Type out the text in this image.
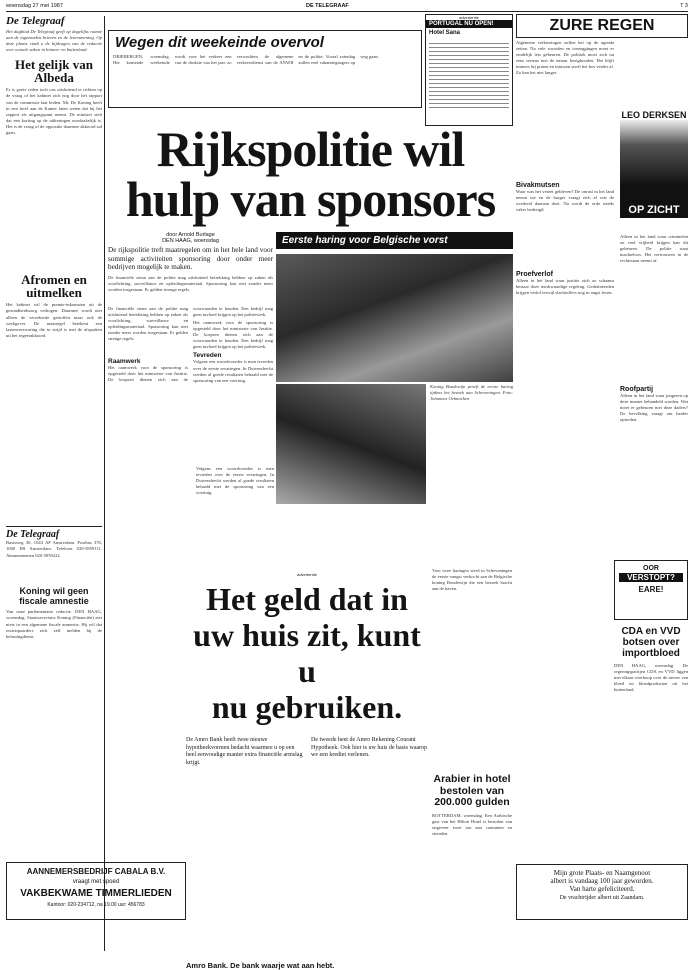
woensdag 27 mei 1987	DE TELEGRAAF	T 3
De Telegraaf
Het dagblad De Telegraaf geeft op dagelijks ruimte aan de ingezonden brieven en de lezersmening. Op deze plaats vindt u de bijdragen van de redactie over actuele zaken in binnen- en buitenland.
Het gelijk van Albeda
Er is goeie reden toch ons uitsluitend te richten op de vraag of het kabinet zich nog door het rapport van de commissie laat leiden. Mr. De Koning heeft in een brief aan de Kamer laten weten dat hij het rapport als uitgangspunt neemt. De minister stelt dat een korting op de uitkeringen noodzakelijk is. Het is de vraag of de oppositie daarmee akkoord zal gaan.
Afromen en uitmelken
Het kabinet wil de premie-inkomsten uit de gezondheidszorg verhogen. Daarmee wordt niet alleen de verzekerde getroffen maar ook de werkgever. De maatregel betekent een lastenverzwaring die in strijd is met de afspraken uit het regeerakkoord.
De Telegraaf
Basisweg 30, 1043 AP Amsterdam. Postbus 376, 1000 EB Amsterdam. Telefoon 020-5859111. Abonnementen 020-5859222.
Koning wil geen fiscale amnestie
Van onze parlementaire redactie. DEN HAAG, woensdag. Staatssecretaris Koning (Financiën) ziet niets in een algemene fiscale amnestie. Hij wil dat zwartspaarders zich zelf melden bij de belastingdienst.
AANNEMERSBEDRIJF CABALA B.V.
vraagt met spoed
VAKBEKWAME TIMMERLIEDEN
Kantoor: 020-234712, na 19.00 uur: 456783
Wegen dit weekeinde overvol
DRIEBERGEN, woensdag. Het komende weekeinde wordt voor het verkeer een van de drukste van het jaar, zo verwachten de algemene verkeersdienst van de ANWB en de politie. Vooral zaterdag zullen veel vakantiegangers op weg gaan.
advertentie
PORTUGAL NU OPEN!
Hotel Sana
Rijkspolitie wil
hulp van sponsors
door Arnold Burlage
DEN HAAG, woensdag
De rijkspolitie treft maatregelen om in het hele land voor sommige activiteiten sponsoring door onder meer bedrijven mogelijk te maken.
De financiële steun aan de politie mag uitsluitend betrekking hebben op zaken als voorlichting, surveillance en opleidingsmateriaal. Sponsoring kan niet zonder meer worden toegestaan. Er gelden strenge regels.
De financiële steun aan de politie mag uitsluitend betrekking hebben op zaken als voorlichting, surveillance en opleidingsmateriaal. Sponsoring kan niet zonder meer worden toegestaan. Er gelden strenge regels.
Raamwerk
Het raamwerk voor de sponsoring is opgesteld door het ministerie van Justitie. De korpsen dienen zich aan de voorwaarden te houden. Een bedrijf mag geen invloed krijgen op het politiewerk.
Het raamwerk voor de sponsoring is opgesteld door het ministerie van Justitie. De korpsen dienen zich aan de voorwaarden te houden. Een bedrijf mag geen invloed krijgen op het politiewerk.
Tevreden
Volgens een woordvoerder is men tevreden over de eerste ervaringen. In Duivendrecht werden al goede resultaten behaald met de sponsoring van een voertuig.
Eerste haring voor Belgische vorst
Koning Boudewijn proeft de eerste haring tijdens het bezoek aan Scheveningen. Foto: Johannes Oehmichen
Volgens een woordvoerder is men tevreden over de eerste ervaringen. In Duivendrecht werden al goede resultaten behaald met de sponsoring van een voertuig.
advertentie
Het geld dat in
uw huis zit, kunt u
nu gebruiken.
De Amro Bank heeft twee nieuwe hypotheekvormen bedacht waarmee u op een heel eenvoudige manier extra financiële armslag krijgt.
De tweede heet de Amro Rekening Courant Hypotheek. Ook hier is uw huis de basis waarop we een krediet verlenen.
Amro Bank. De bank waarje wat aan hebt.
Voor twee haringen werd in Scheveningen de eerste vangst verkocht aan de Belgische koning Boudewijn die een bezoek bracht aan de haven.
Arabier in hotel bestolen van 200.000 gulden
ROTTERDAM, woensdag. Een Arabische gast van het Hilton Hotel is bestolen van ongeveer twee ton aan contanten en sieraden.
ZURE REGEN
Algemene verkiezingen zullen het op de agenda zetten. Na vele woorden en toezeggingen moet er eindelijk iets gebeuren. De politiek moet zich nu eens serieus met de natuur bezighouden. Het blijft immers bij praten en intussen sterft het bos verder af. Zo kan het niet langer.
Bivakmutsen
Waar was het verzet gebleven? De onrust in het land neemt toe en de burger vraagt zich af wat de overheid daaraan doet. Nu wordt de orde steeds vaker bedreigd.
Proefverlof
Alleen in het land waar justitie zich zo schaamt bestaat deze merkwaardige regeling. Gedetineerden krijgen verlof terwijl slachtoffers nog in angst leven.
LEO DERKSEN
OP ZICHT
Alleen in het land waar criminelen zo veel vrijheid krijgen kan dit gebeuren. De politie staat machteloos. Het vertrouwen in de rechtsstaat neemt af.
Roofpartij
Alleen in het land waar jongeren op deze manier behandeld worden. Wat moet er gebeuren met deze daders? De bevolking vraagt om harder optreden.
OOR
VERSTOPT?
EARE!
CDA en VVD botsen over importbloed
DEN HAAG, woensdag. De regeringspartijen CDA en VVD liggen met elkaar overhoop over de invoer van bloed en bloedproducten uit het buitenland.
Mijn grote Plaats- en Naamgenoot
albert is vandaag 100 jaar geworden.
Van harte gefeliciteerd.
De vrachtrijder albert uit Zaandam.
